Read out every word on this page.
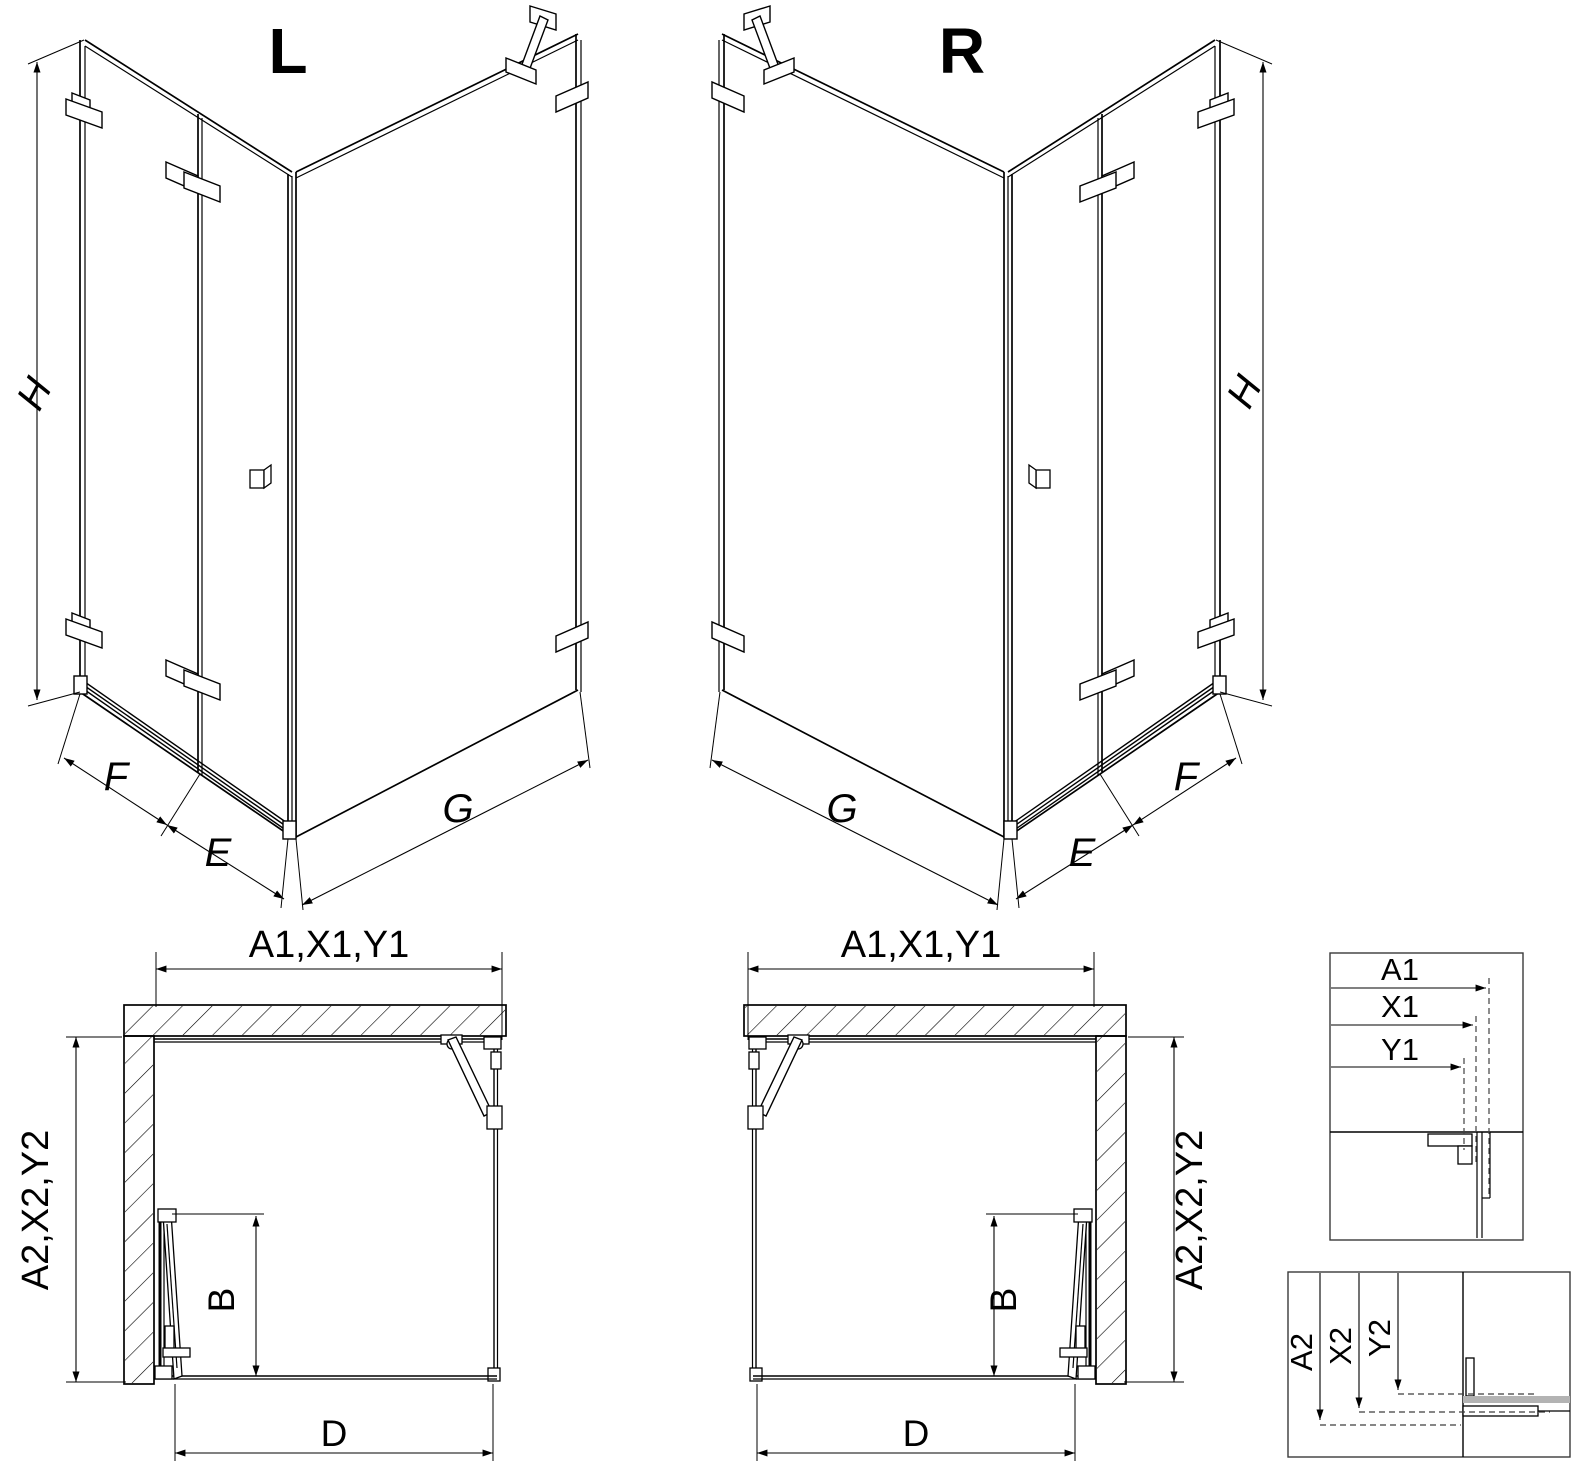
L
H
F
E
G
R
H
F
E
G
A1,X1,Y1
A2,X2,Y2
B
D
A1,X1,Y1
A2,X2,Y2
B
D
A1
X1
Y1
A2 X2 Y2
